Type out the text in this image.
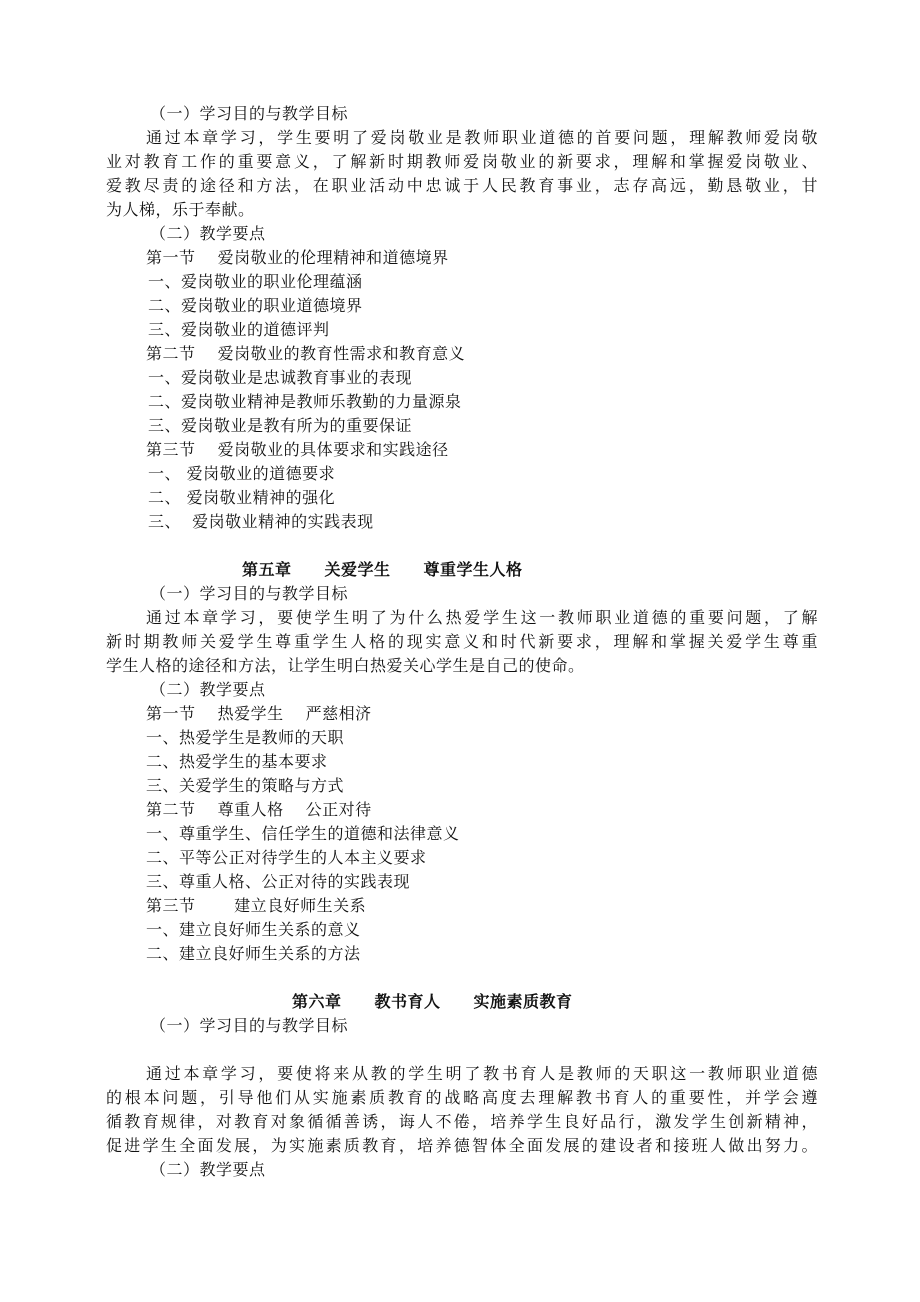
（一）学习目的与教学目标
通过本章学习，学生要明了爱岗敬业是教师职业道德的首要问题，理解教师爱岗敬
业对教育工作的重要意义，了解新时期教师爱岗敬业的新要求，理解和掌握爱岗敬业、
爱教尽责的途径和方法，在职业活动中忠诚于人民教育事业，志存高远，勤恳敬业，甘
为人梯，乐于奉献。
（二）教学要点
第一节　 爱岗敬业的伦理精神和道德境界
一、爱岗敬业的职业伦理蕴涵
二、爱岗敬业的职业道德境界
三、爱岗敬业的道德评判
第二节　 爱岗敬业的教育性需求和教育意义
一、爱岗敬业是忠诚教育事业的表现
二、爱岗敬业精神是教师乐教勤的力量源泉
三、爱岗敬业是教有所为的重要保证
第三节　 爱岗敬业的具体要求和实践途径
一、 爱岗敬业的道德要求
二、 爱岗敬业精神的强化
三、  爱岗敬业精神的实践表现
第五章　　关爱学生　　尊重学生人格
（一）学习目的与教学目标
通过本章学习，要使学生明了为什么热爱学生这一教师职业道德的重要问题，了解
新时期教师关爱学生尊重学生人格的现实意义和时代新要求，理解和掌握关爱学生尊重
学生人格的途径和方法，让学生明白热爱关心学生是自己的使命。
（二）教学要点
第一节　 热爱学生　 严慈相济
一、热爱学生是教师的天职
二、热爱学生的基本要求
三、关爱学生的策略与方式
第二节　 尊重人格　 公正对待
一、尊重学生、信任学生的道德和法律意义
二、平等公正对待学生的人本主义要求
三、尊重人格、公正对待的实践表现
第三节　　 建立良好师生关系
一、建立良好师生关系的意义
二、建立良好师生关系的方法
第六章　　教书育人　　实施素质教育
（一）学习目的与教学目标
通过本章学习，要使将来从教的学生明了教书育人是教师的天职这一教师职业道德
的根本问题，引导他们从实施素质教育的战略高度去理解教书育人的重要性，并学会遵
循教育规律，对教育对象循循善诱，诲人不倦，培养学生良好品行，激发学生创新精神，
促进学生全面发展，为实施素质教育，培养德智体全面发展的建设者和接班人做出努力。
（二）教学要点
